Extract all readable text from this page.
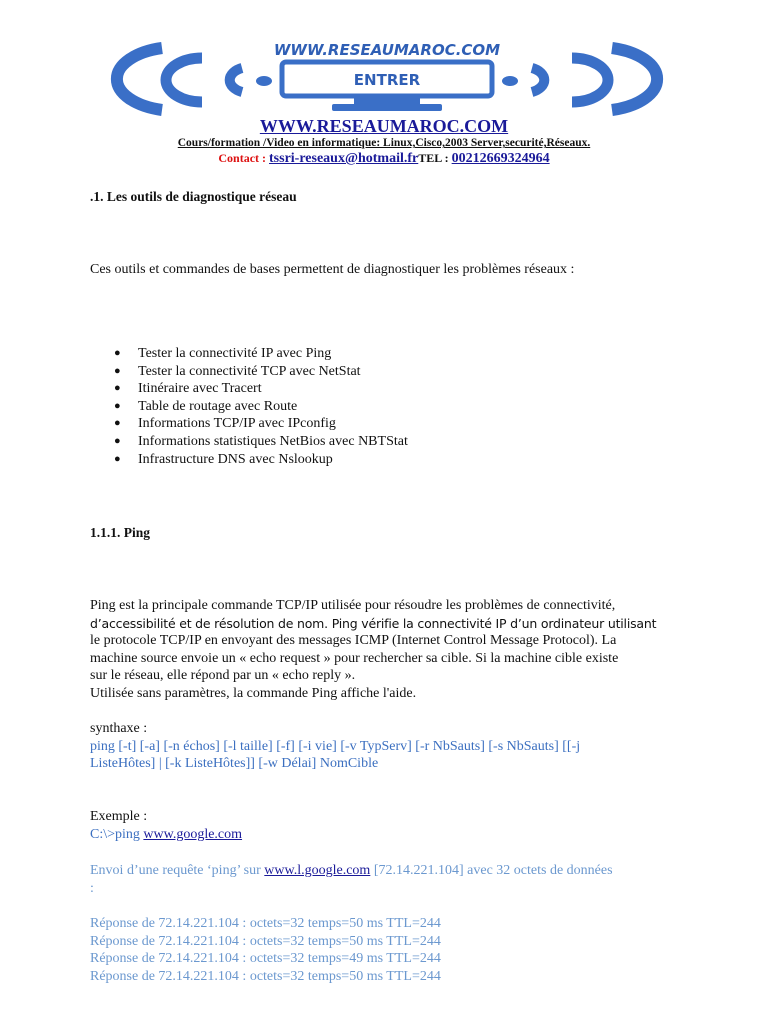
WWW.RESEAUMAROC.COM
ENTRER
WWW.RESEAUMAROC.COM
Cours/formation /Video en informatique: Linux,Cisco,2003 Server,securité,Réseaux.
Contact : tssri-reseaux@hotmail.frTEL : 00212669324964
.1. Les outils de diagnostique réseau
Ces outils et commandes de bases permettent de diagnostiquer les problèmes réseaux :
● Tester la connectivité IP avec Ping
● Tester la connectivité TCP avec NetStat
● Itinéraire avec Tracert
● Table de routage avec Route
● Informations TCP/IP avec IPconfig
● Informations statistiques NetBios avec NBTStat
● Infrastructure DNS avec Nslookup
1.1.1. Ping
Ping est la principale commande TCP/IP utilisée pour résoudre les problèmes de connectivité,
d’accessibilité et de résolution de nom. Ping vérifie la connectivité IP d’un ordinateur utilisant
le protocole TCP/IP en envoyant des messages ICMP (Internet Control Message Protocol). La
machine source envoie un « echo request » pour rechercher sa cible. Si la machine cible existe
sur le réseau, elle répond par un « echo reply ».
Utilisée sans paramètres, la commande Ping affiche l'aide.
synthaxe :
ping [-t] [-a] [-n échos] [-l taille] [-f] [-i vie] [-v TypServ] [-r NbSauts] [-s NbSauts] [[-j
ListeHôtes] | [-k ListeHôtes]] [-w Délai] NomCible
Exemple :
C:\>ping www.google.com
Envoi d’une requête ‘ping’ sur www.l.google.com [72.14.221.104] avec 32 octets de données
:
Réponse de 72.14.221.104 : octets=32 temps=50 ms TTL=244
Réponse de 72.14.221.104 : octets=32 temps=50 ms TTL=244
Réponse de 72.14.221.104 : octets=32 temps=49 ms TTL=244
Réponse de 72.14.221.104 : octets=32 temps=50 ms TTL=244
